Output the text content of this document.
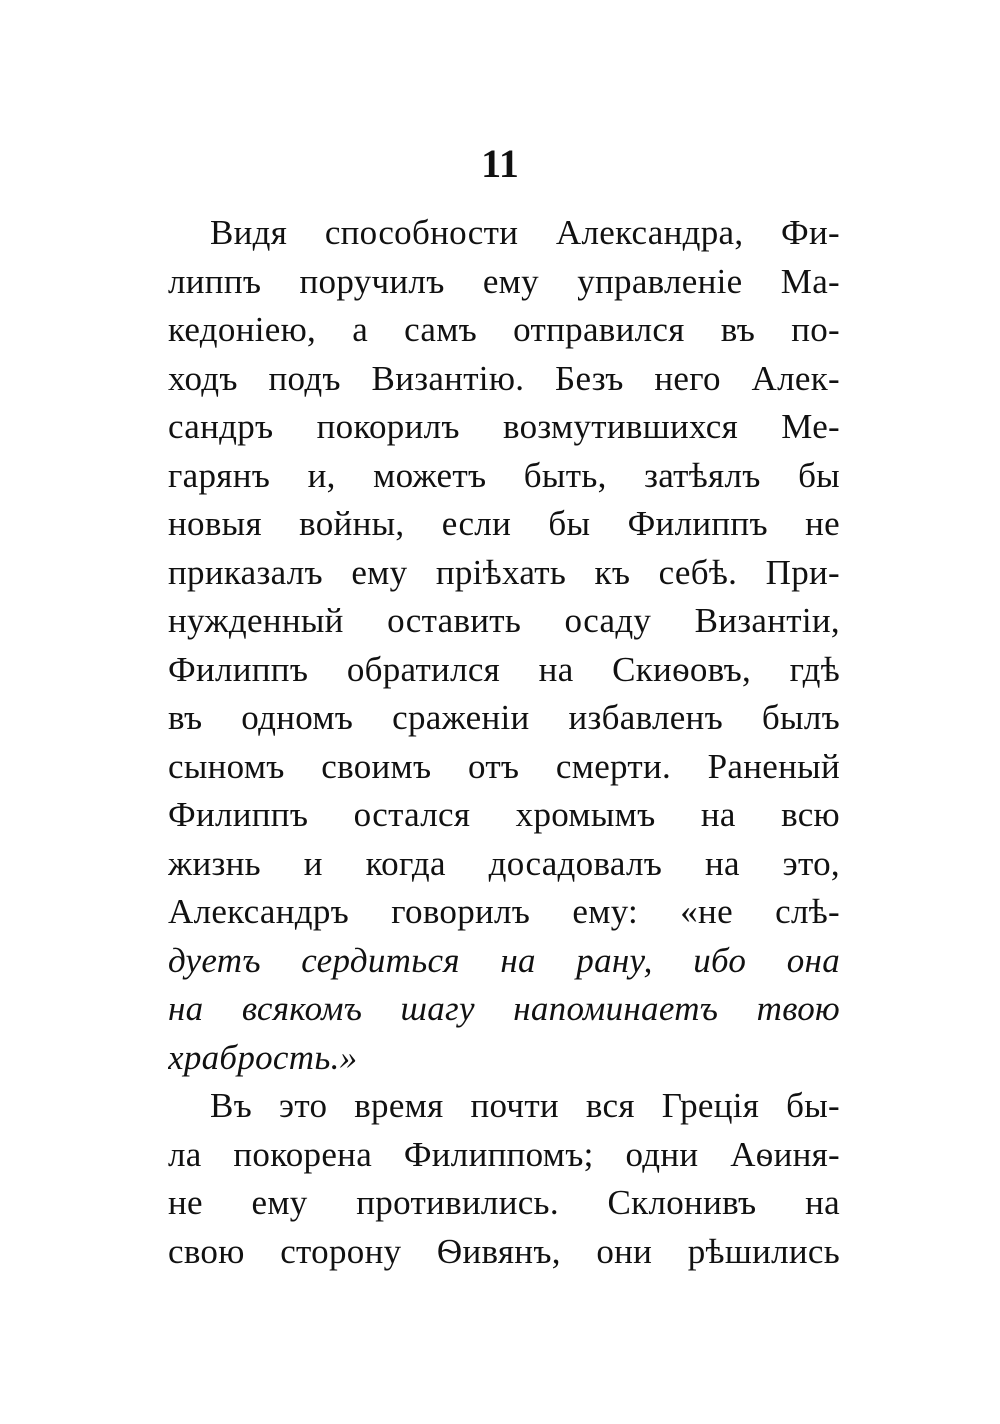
11
Видя способности Александра, Фи-
липпъ поручилъ ему управленіе Ма-
кедоніею, а самъ отправился въ по-
ходъ подъ Византію. Безъ него Алек-
сандръ покорилъ возмутившихся Ме-
гарянъ и, можетъ быть, затѣялъ бы
новыя войны, если бы Филиппъ не
приказалъ ему пріѣхать къ себѣ. При-
нужденный оставить осаду Византіи,
Филиппъ обратился на Скиѳовъ, гдѣ
въ одномъ сраженіи избавленъ былъ
сыномъ своимъ отъ смерти. Раненый
Филиппъ остался хромымъ на всю
жизнь и когда досадовалъ на это,
Александръ говорилъ ему: «не слѣ-
дуетъ сердиться на рану, ибо она
на всякомъ шагу напоминаетъ твою
храбрость.»
Въ это время почти вся Греція бы-
ла покорена Филиппомъ; одни Аѳиня-
не ему противились. Склонивъ на
свою сторону Ѳивянъ, они рѣшились
